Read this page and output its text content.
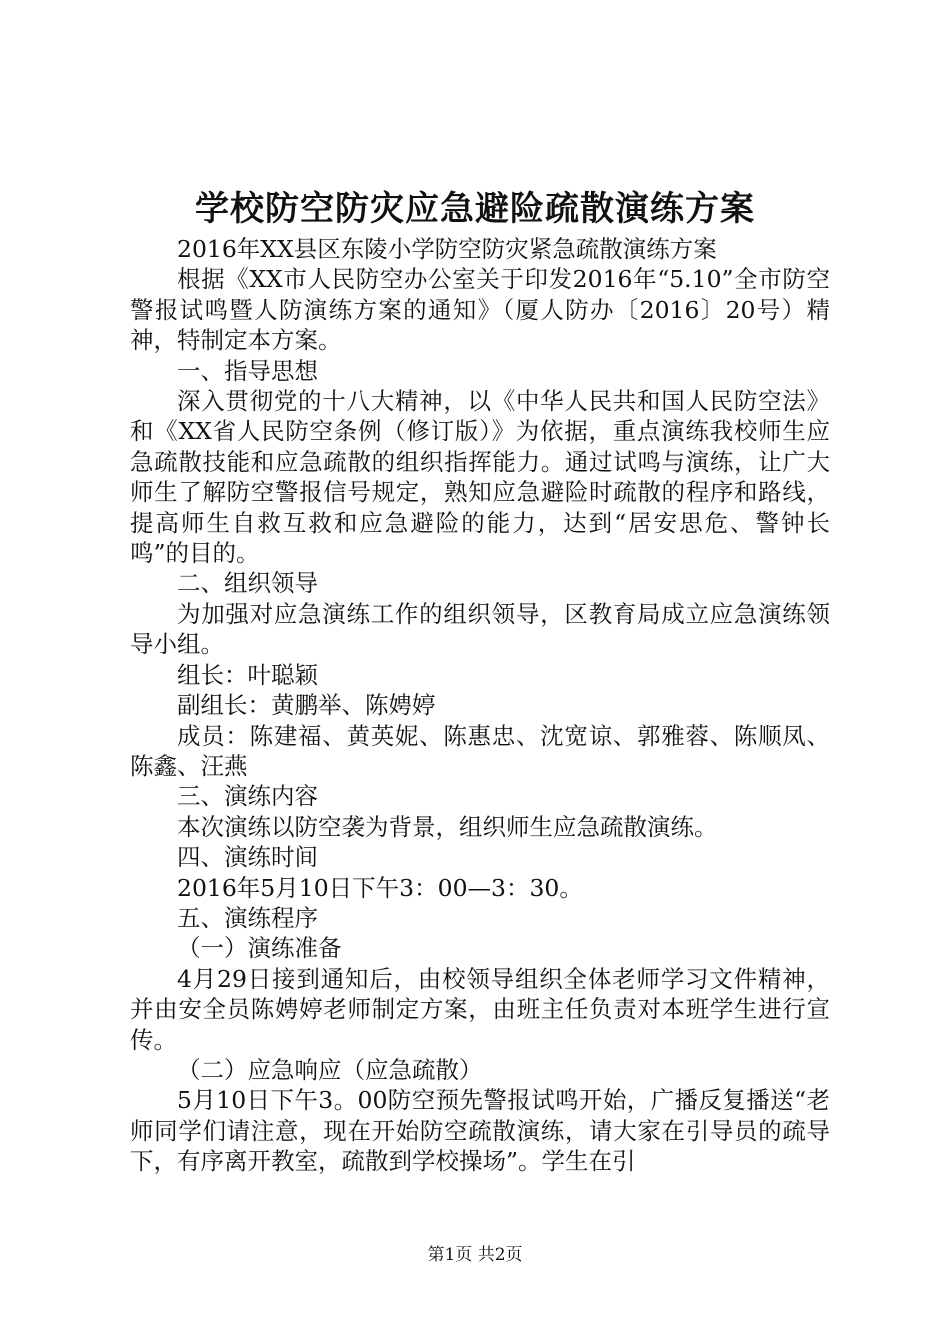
学校防空防灾应急避险疏散演练方案

2016年XX县区东陵小学防空防灾紧急疏散演练方案

根据《XX市人民防空办公室关于印发2016年“5.10”全市防空警报试鸣暨人防演练方案的通知》（厦人防办〔2016〕20号）精神，特制定本方案。

一、指导思想

深入贯彻党的十八大精神，以《中华人民共和国人民防空法》和《XX省人民防空条例（修订版）》为依据，重点演练我校师生应急疏散技能和应急疏散的组织指挥能力。通过试鸣与演练，让广大师生了解防空警报信号规定，熟知应急避险时疏散的程序和路线，提高师生自救互救和应急避险的能力，达到“居安思危、警钟长鸣”的目的。

二、组织领导

为加强对应急演练工作的组织领导，区教育局成立应急演练领导小组。

组长：叶聪颖

副组长：黄鹏举、陈娉婷

成员：陈建福、黄英妮、陈惠忠、沈宽谅、郭雅蓉、陈顺凤、陈鑫、汪燕

三、演练内容

本次演练以防空袭为背景，组织师生应急疏散演练。

四、演练时间

2016年5月10日下午3：00—3：30。

五、演练程序

（一）演练准备

4月29日接到通知后，由校领导组织全体老师学习文件精神，并由安全员陈娉婷老师制定方案，由班主任负责对本班学生进行宣传。

（二）应急响应（应急疏散）

5月10日下午3。00防空预先警报试鸣开始，广播反复播送“老师同学们请注意，现在开始防空疏散演练，请大家在引导员的疏导下，有序离开教室，疏散到学校操场”。学生在引

第1页 共2页
